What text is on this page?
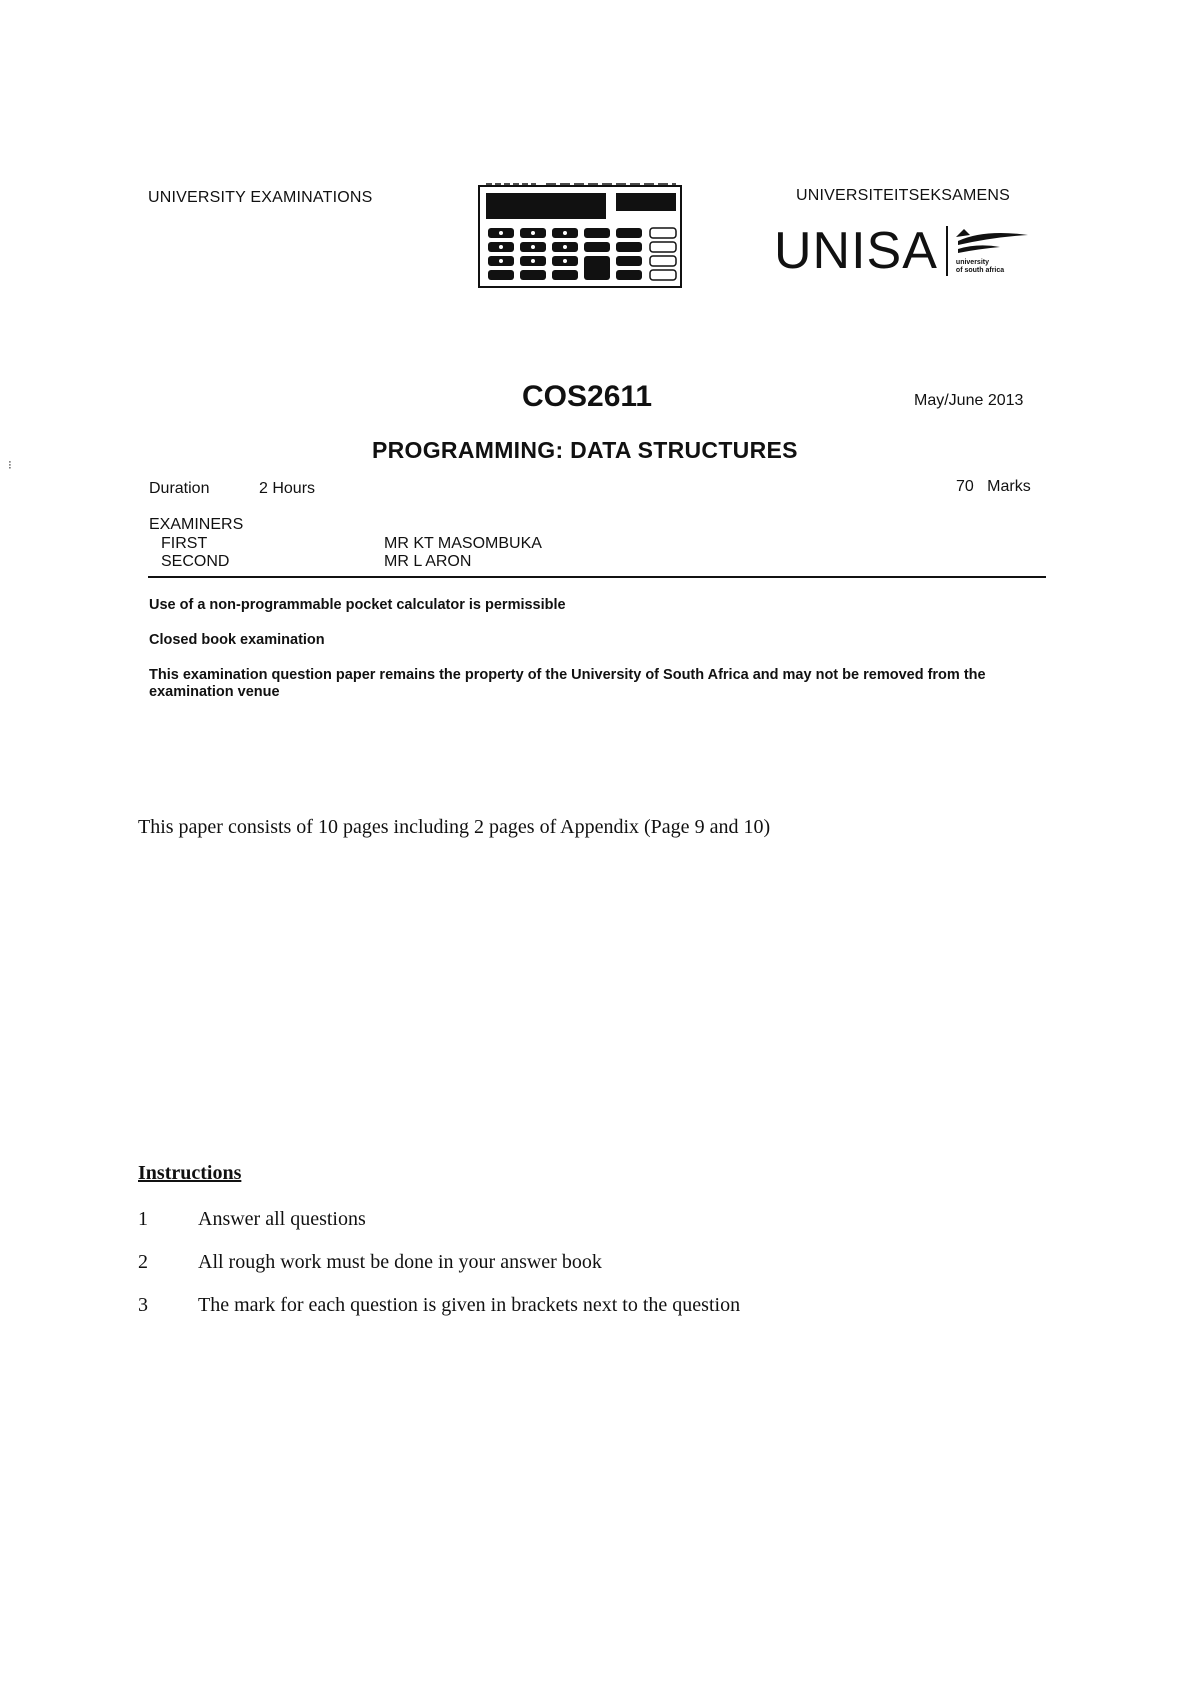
UNIVERSITY EXAMINATIONS	UNIVERSITEITSEKSAMENS
UNISA	university
of south africa
⁝
COS2611	May/June 2013
PROGRAMMING: DATA STRUCTURES
Duration	2 Hours	70   Marks
EXAMINERS
FIRST	MR KT MASOMBUKA
SECOND	MR L ARON

Use of a non-programmable pocket calculator is permissible

Closed book examination

This examination question paper remains the property of the University of South Africa and may not be removed from the examination venue

This paper consists of 10 pages including 2 pages of Appendix (Page 9 and 10)
Instructions
1	Answer all questions
2	All rough work must be done in your answer book
3	The mark for each question is given in brackets next to the question
